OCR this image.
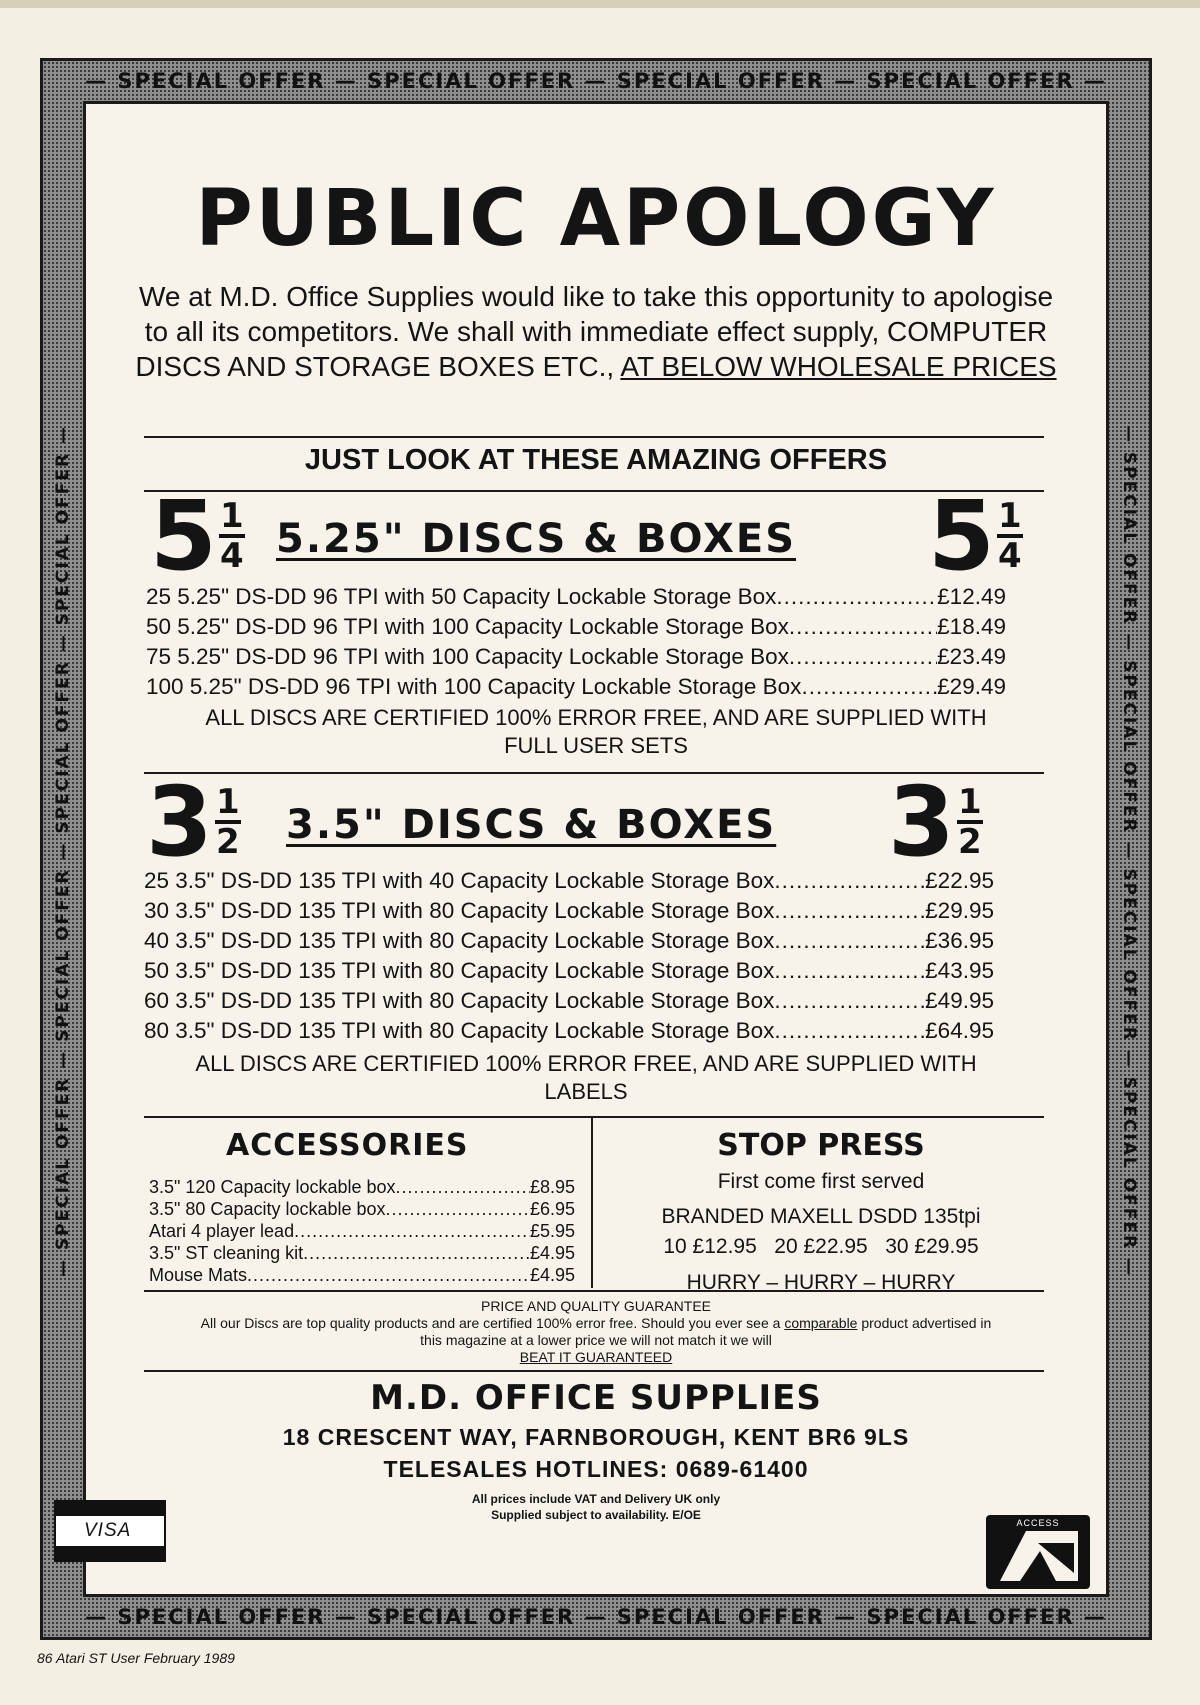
— SPECIAL OFFER — SPECIAL OFFER — SPECIAL OFFER — SPECIAL OFFER —
— SPECIAL OFFER — SPECIAL OFFER — SPECIAL OFFER — SPECIAL OFFER —
— SPECIAL OFFER — SPECIAL OFFER — SPECIAL OFFER — SPECIAL OFFER —	— SPECIAL OFFER — SPECIAL OFFER — SPECIAL OFFER — SPECIAL OFFER —
PUBLIC APOLOGY
We at M.D. Office Supplies would like to take this opportunity to apologise to all its competitors. We shall with immediate effect supply, COMPUTER DISCS AND STORAGE BOXES ETC., AT BELOW WHOLESALE PRICES
JUST LOOK AT THESE AMAZING OFFERS
5 1
4 5.25" DISCS & BOXES 5 1
4
25 5.25" DS-DD 96 TPI with 50 Capacity Lockable Storage Box .....	£12.49
50 5.25" DS-DD 96 TPI with 100 Capacity Lockable Storage Box .....	£18.49
75 5.25" DS-DD 96 TPI with 100 Capacity Lockable Storage Box .....	£23.49
100 5.25" DS-DD 96 TPI with 100 Capacity Lockable Storage Box .....	£29.49
ALL DISCS ARE CERTIFIED 100% ERROR FREE, AND ARE SUPPLIED WITH FULL USER SETS
3 1
2 3.5" DISCS & BOXES 3 1
2
25 3.5" DS-DD 135 TPI with 40 Capacity Lockable Storage Box .....	£22.95
30 3.5" DS-DD 135 TPI with 80 Capacity Lockable Storage Box .....	£29.95
40 3.5" DS-DD 135 TPI with 80 Capacity Lockable Storage Box .....	£36.95
50 3.5" DS-DD 135 TPI with 80 Capacity Lockable Storage Box .....	£43.95
60 3.5" DS-DD 135 TPI with 80 Capacity Lockable Storage Box .....	£49.95
80 3.5" DS-DD 135 TPI with 80 Capacity Lockable Storage Box .....	£64.95
ALL DISCS ARE CERTIFIED 100% ERROR FREE, AND ARE SUPPLIED WITH LABELS
ACCESSORIES
3.5" 120 Capacity lockable box .....	£8.95
3.5" 80 Capacity lockable box .....	£6.95
Atari 4 player lead .....	£5.95
3.5" ST cleaning kit .....	£4.95
Mouse Mats .....	£4.95
STOP PRESS
First come first served
BRANDED MAXELL DSDD 135tpi
10 £12.95   20 £22.95   30 £29.95
HURRY – HURRY – HURRY
PRICE AND QUALITY GUARANTEE
All our Discs are top quality products and are certified 100% error free. Should you ever see a comparable product advertised in this magazine at a lower price we will not match it we will
BEAT IT GUARANTEED
M.D. OFFICE SUPPLIES
18 CRESCENT WAY, FARNBOROUGH, KENT BR6 9LS
TELESALES HOTLINES: 0689-61400
All prices include VAT and Delivery UK only
Supplied subject to availability. E/OE
VISA	ACCESS
86 Atari ST User February 1989
